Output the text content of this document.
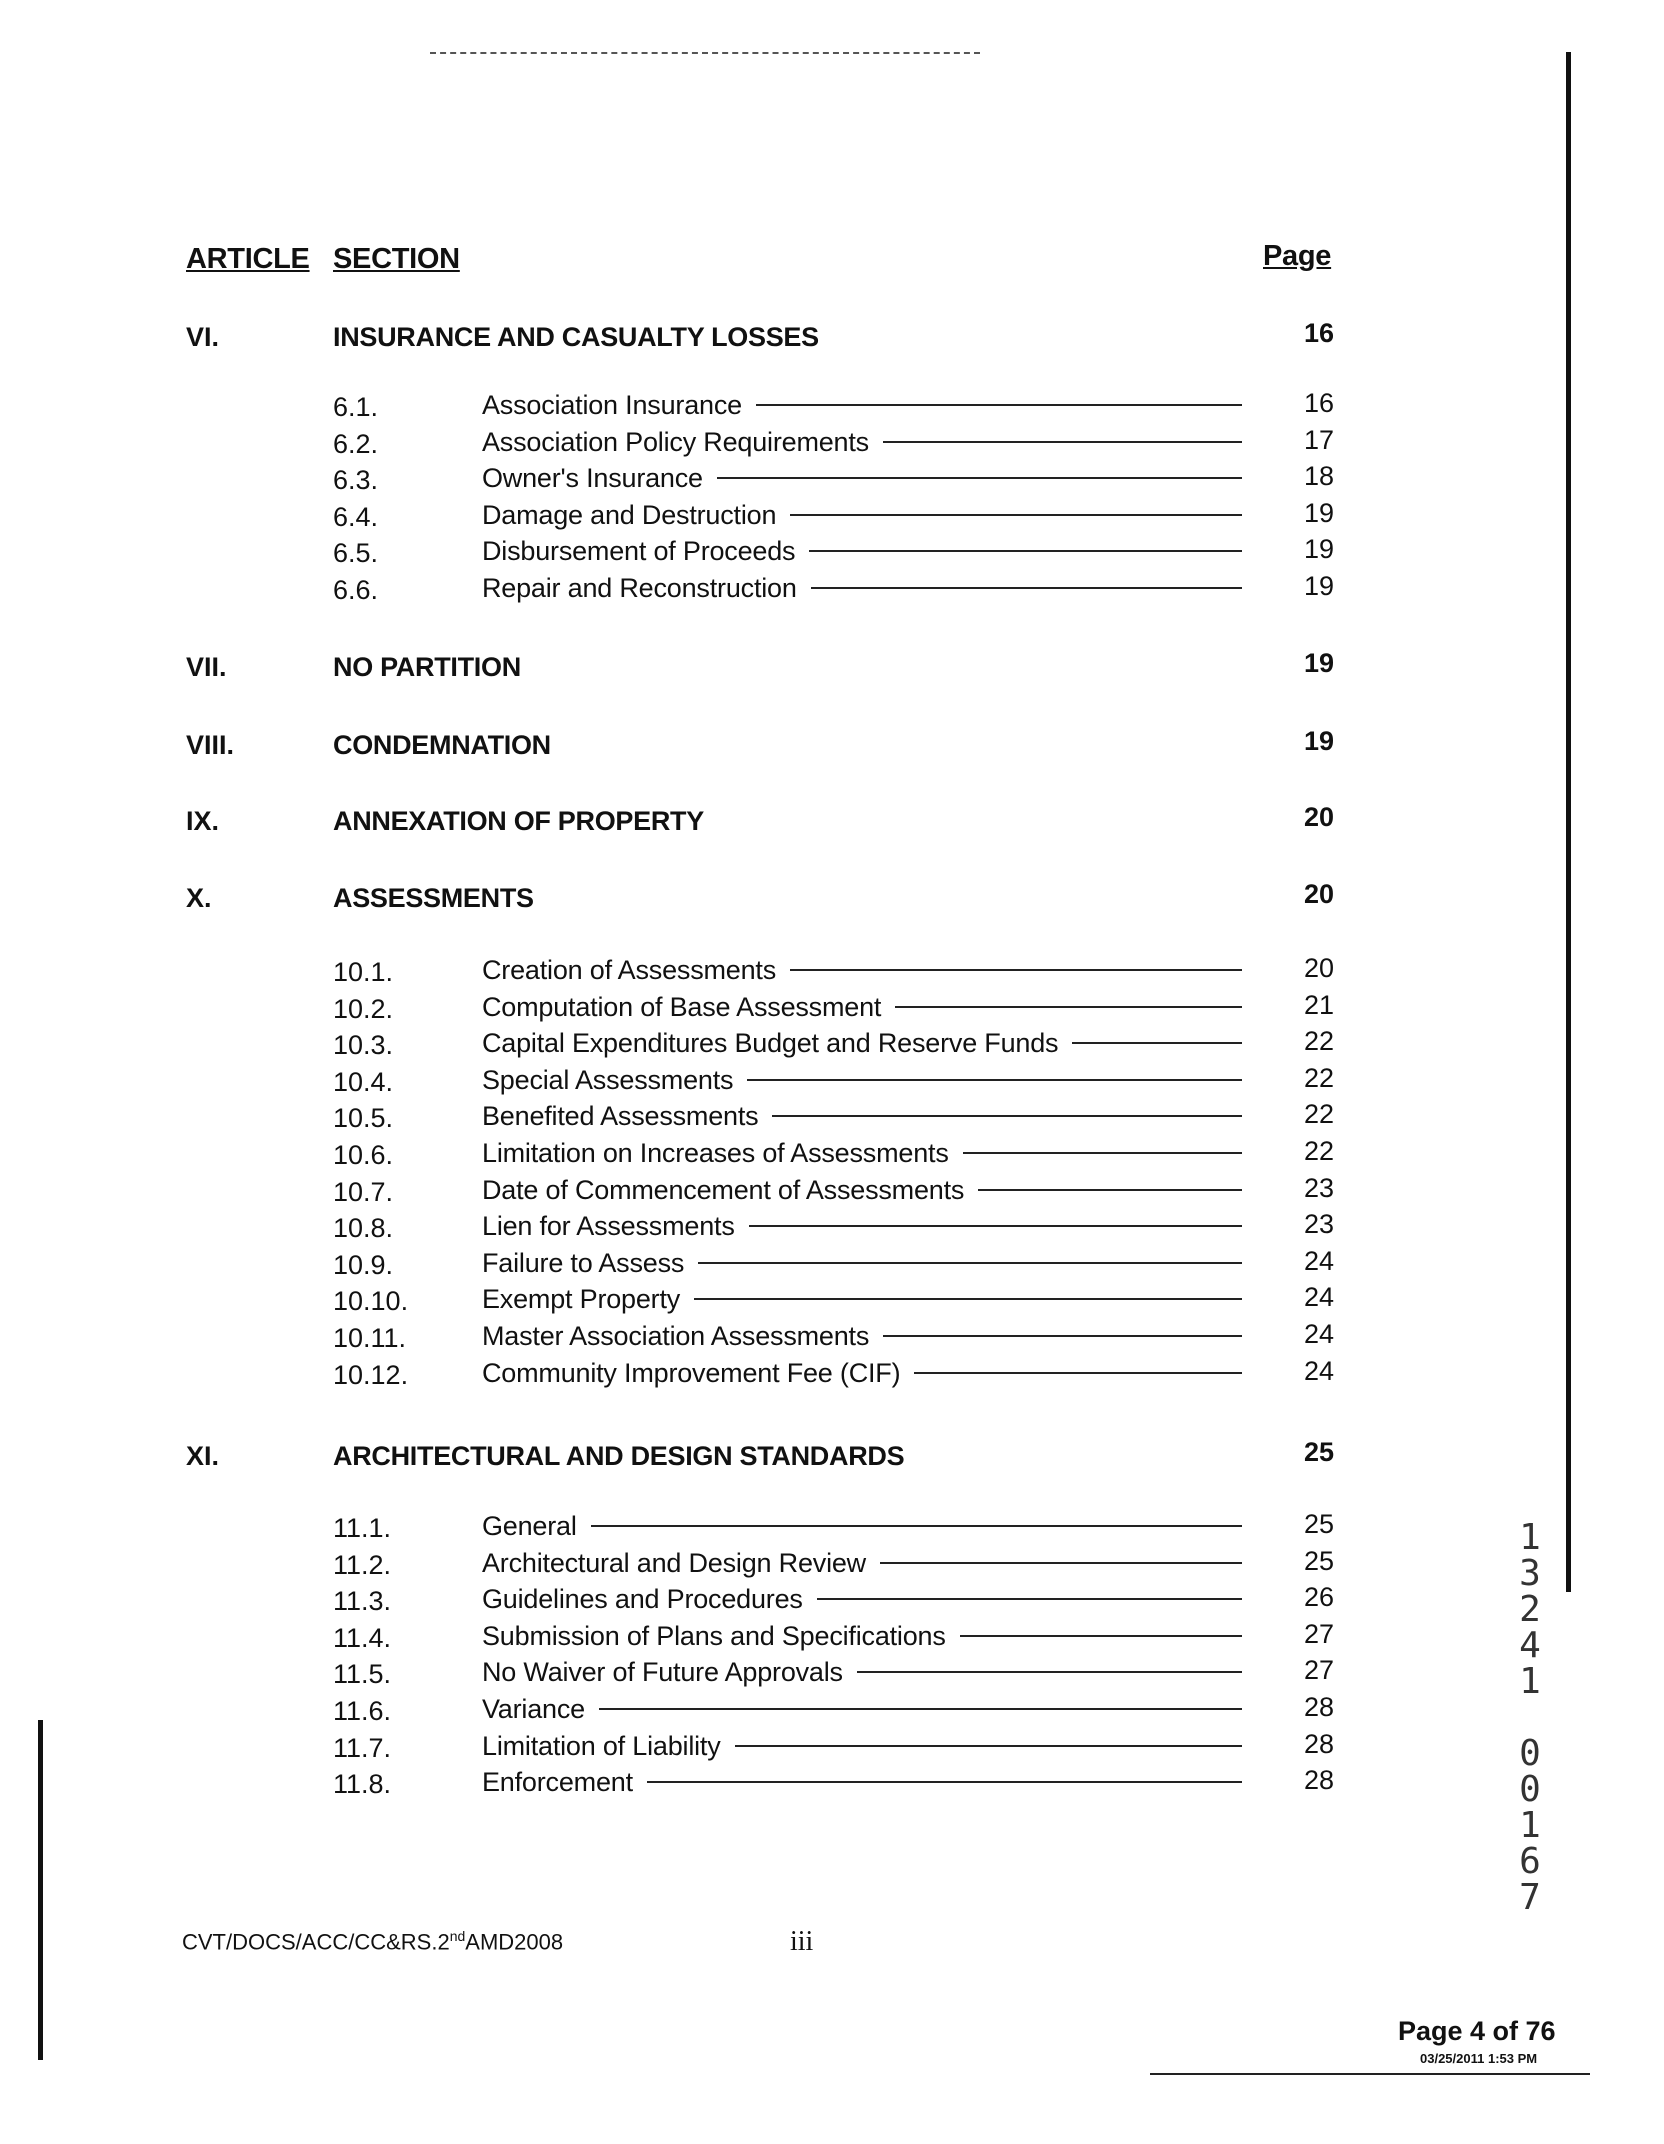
ARTICLE SECTION	Page
VI.	INSURANCE AND CASUALTY LOSSES	16
6.1.	Association Insurance	16
6.2.	Association Policy Requirements	17
6.3.	Owner's Insurance	18
6.4.	Damage and Destruction	19
6.5.	Disbursement of Proceeds	19
6.6.	Repair and Reconstruction	19
VII.	NO PARTITION	19
VIII.	CONDEMNATION	19
IX.	ANNEXATION OF PROPERTY	20
X.	ASSESSMENTS	20
10.1.	Creation of Assessments	20
10.2.	Computation of Base Assessment	21
10.3.	Capital Expenditures Budget and Reserve Funds	22
10.4.	Special Assessments	22
10.5.	Benefited Assessments	22
10.6.	Limitation on Increases of Assessments	22
10.7.	Date of Commencement of Assessments	23
10.8.	Lien for Assessments	23
10.9.	Failure to Assess	24
10.10.	Exempt Property	24
10.11.	Master Association Assessments	24
10.12.	Community Improvement Fee (CIF)	24
XI.	ARCHITECTURAL AND DESIGN STANDARDS	25
11.1.	General	25
11.2.	Architectural and Design Review	25
11.3.	Guidelines and Procedures	26
11.4.	Submission of Plans and Specifications	27
11.5.	No Waiver of Future Approvals	27
11.6.	Variance	28
11.7.	Limitation of Liability	28
11.8.	Enforcement	28
1
3
2
4
1

0
0
1
6
7
CVT/DOCS/ACC/CC&RS.2ndAMD2008	iii
Page 4 of 76
03/25/2011 1:53 PM
